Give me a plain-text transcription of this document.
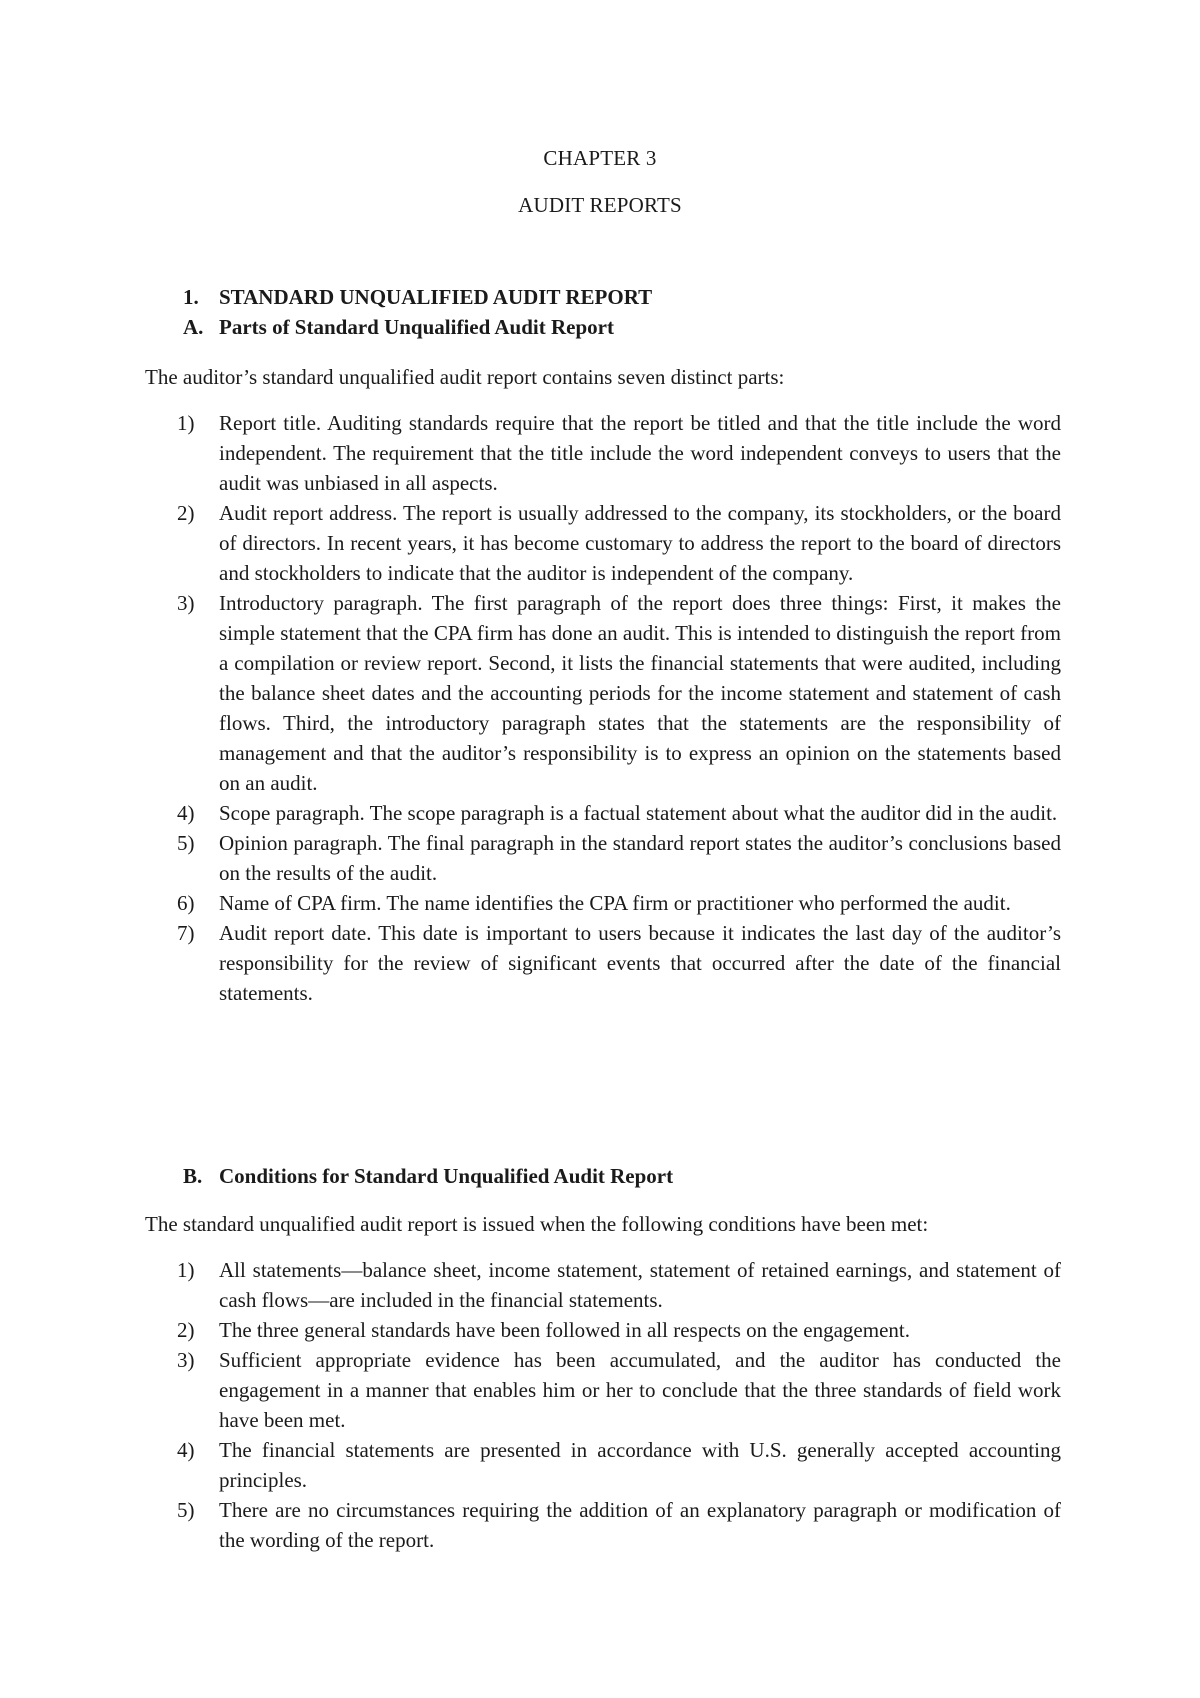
CHAPTER 3
AUDIT REPORTS
1. STANDARD UNQUALIFIED AUDIT REPORT
A. Parts of Standard Unqualified Audit Report
The auditor’s standard unqualified audit report contains seven distinct parts:
1) Report title. Auditing standards require that the report be titled and that the title include the word independent. The requirement that the title include the word independent conveys to users that the audit was unbiased in all aspects.
2) Audit report address. The report is usually addressed to the company, its stockholders, or the board of directors. In recent years, it has become customary to address the report to the board of directors and stockholders to indicate that the auditor is independent of the company.
3) Introductory paragraph. The first paragraph of the report does three things: First, it makes the simple statement that the CPA firm has done an audit. This is intended to distinguish the report from a compilation or review report. Second, it lists the financial statements that were audited, including the balance sheet dates and the accounting periods for the income statement and statement of cash flows. Third, the introductory paragraph states that the statements are the responsibility of management and that the auditor’s responsibility is to express an opinion on the statements based on an audit.
4) Scope paragraph. The scope paragraph is a factual statement about what the auditor did in the audit.
5) Opinion paragraph. The final paragraph in the standard report states the auditor’s conclusions based on the results of the audit.
6) Name of CPA firm. The name identifies the CPA firm or practitioner who performed the audit.
7) Audit report date. This date is important to users because it indicates the last day of the auditor’s responsibility for the review of significant events that occurred after the date of the financial statements.
B. Conditions for Standard Unqualified Audit Report
The standard unqualified audit report is issued when the following conditions have been met:
1) All statements—balance sheet, income statement, statement of retained earnings, and statement of cash flows—are included in the financial statements.
2) The three general standards have been followed in all respects on the engagement.
3) Sufficient appropriate evidence has been accumulated, and the auditor has conducted the engagement in a manner that enables him or her to conclude that the three standards of field work have been met.
4) The financial statements are presented in accordance with U.S. generally accepted accounting principles.
5) There are no circumstances requiring the addition of an explanatory paragraph or modification of the wording of the report.
